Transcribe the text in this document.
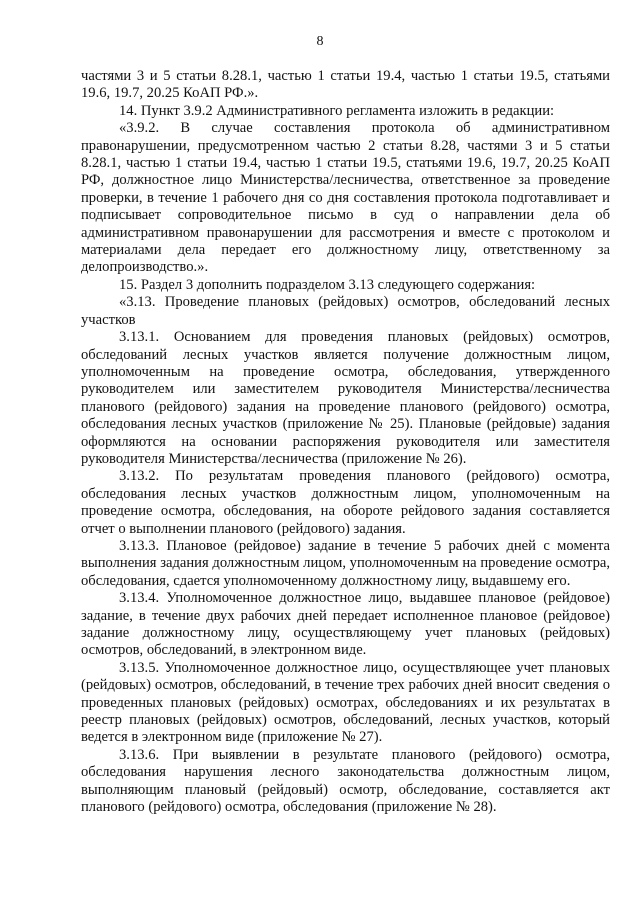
8

частями 3 и 5 статьи 8.28.1, частью 1 статьи 19.4, частью 1 статьи 19.5, статьями 19.6, 19.7, 20.25 КоАП РФ.».

14. Пункт 3.9.2 Административного регламента изложить в редакции:

«3.9.2. В случае составления протокола об административном правонарушении, предусмотренном частью 2 статьи 8.28, частями 3 и 5 статьи 8.28.1, частью 1 статьи 19.4, частью 1 статьи 19.5, статьями 19.6, 19.7, 20.25 КоАП РФ, должностное лицо Министерства/лесничества, ответственное за проведение проверки, в течение 1 рабочего дня со дня составления протокола подготавливает и подписывает сопроводительное письмо в суд о направлении дела об административном правонарушении для рассмотрения и вместе с протоколом и материалами дела передает его должностному лицу, ответственному за делопроизводство.».

15. Раздел 3 дополнить подразделом 3.13 следующего содержания:

«3.13. Проведение плановых (рейдовых) осмотров, обследований лесных участков

3.13.1. Основанием для проведения плановых (рейдовых) осмотров, обследований лесных участков является получение должностным лицом, уполномоченным на проведение осмотра, обследования, утвержденного руководителем или заместителем руководителя Министерства/лесничества планового (рейдового) задания на проведение планового (рейдового) осмотра, обследования лесных участков (приложение № 25). Плановые (рейдовые) задания оформляются на основании распоряжения руководителя или заместителя руководителя Министерства/лесничества (приложение № 26).

3.13.2. По результатам проведения планового (рейдового) осмотра, обследования лесных участков должностным лицом, уполномоченным на проведение осмотра, обследования, на обороте рейдового задания составляется отчет о выполнении планового (рейдового) задания.

3.13.3. Плановое (рейдовое) задание в течение 5 рабочих дней с момента выполнения задания должностным лицом, уполномоченным на проведение осмотра, обследования, сдается уполномоченному должностному лицу, выдавшему его.

3.13.4. Уполномоченное должностное лицо, выдавшее плановое (рейдовое) задание, в течение двух рабочих дней передает исполненное плановое (рейдовое) задание должностному лицу, осуществляющему учет плановых (рейдовых) осмотров, обследований, в электронном виде.

3.13.5. Уполномоченное должностное лицо, осуществляющее учет плановых (рейдовых) осмотров, обследований, в течение трех рабочих дней вносит сведения о проведенных плановых (рейдовых) осмотрах, обследованиях и их результатах в реестр плановых (рейдовых) осмотров, обследований, лесных участков, который ведется в электронном виде (приложение № 27).

3.13.6. При выявлении в результате планового (рейдового) осмотра, обследования нарушения лесного законодательства должностным лицом, выполняющим плановый (рейдовый) осмотр, обследование, составляется акт планового (рейдового) осмотра, обследования (приложение № 28).
